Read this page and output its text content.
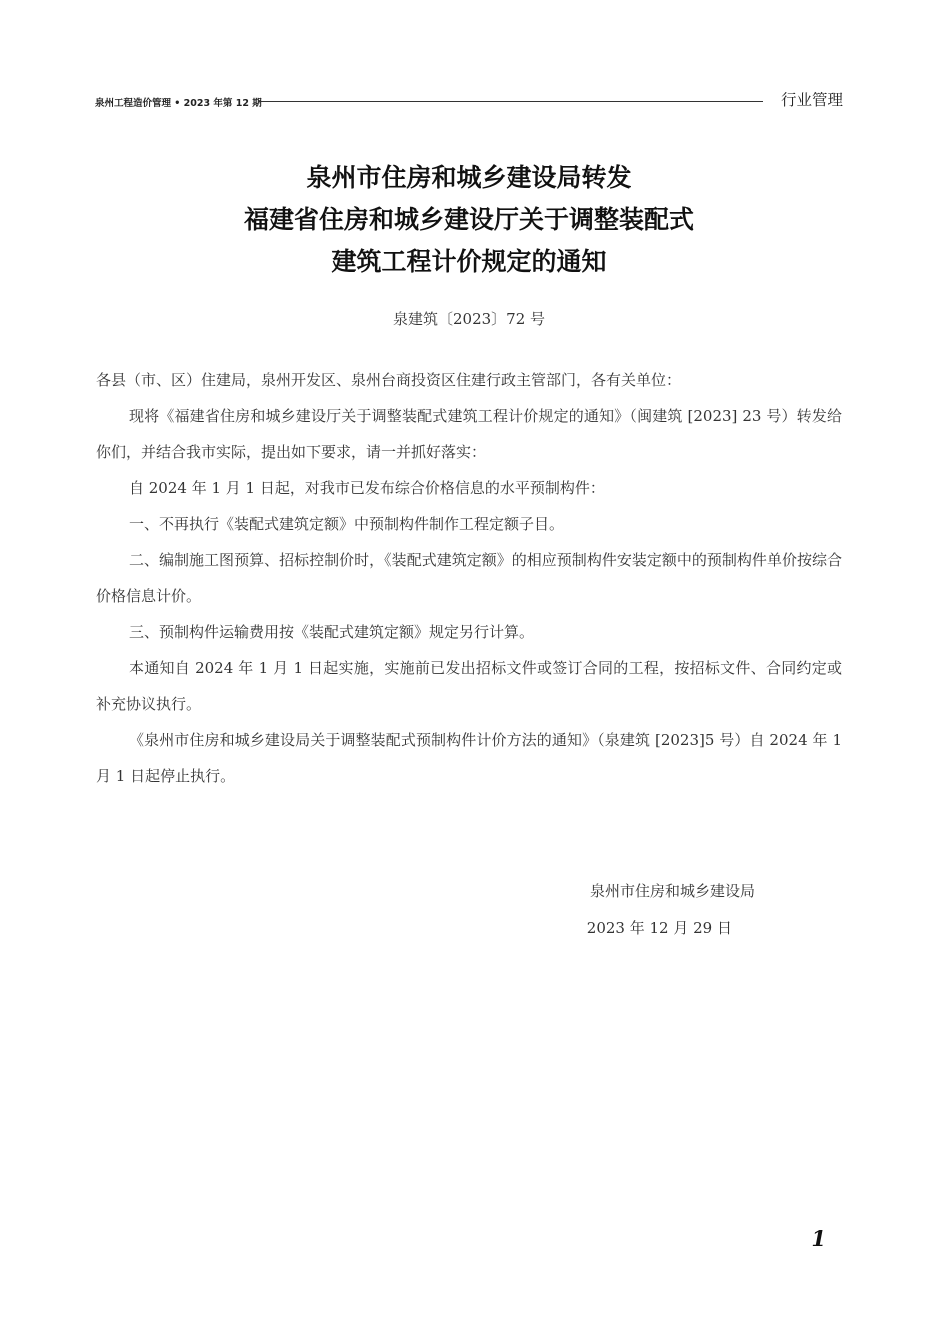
泉州工程造价管理 • 2023 年第 12 期	行业管理
泉州市住房和城乡建设局转发
福建省住房和城乡建设厅关于调整装配式
建筑工程计价规定的通知
泉建筑〔2023〕72 号

各县（市、区）住建局，泉州开发区、泉州台商投资区住建行政主管部门，各有关单位：

现将《福建省住房和城乡建设厅关于调整装配式建筑工程计价规定的通知》（闽建筑 [2023] 23 号）转发给你们，并结合我市实际，提出如下要求，请一并抓好落实：

自 2024 年 1 月 1 日起，对我市已发布综合价格信息的水平预制构件：

一、不再执行《装配式建筑定额》中预制构件制作工程定额子目。

二、编制施工图预算、招标控制价时，《装配式建筑定额》的相应预制构件安装定额中的预制构件单价按综合价格信息计价。

三、预制构件运输费用按《装配式建筑定额》规定另行计算。

本通知自 2024 年 1 月 1 日起实施，实施前已发出招标文件或签订合同的工程，按招标文件、合同约定或补充协议执行。

《泉州市住房和城乡建设局关于调整装配式预制构件计价方法的通知》（泉建筑 [2023]5 号）自 2024 年 1 月 1 日起停止执行。

泉州市住房和城乡建设局
2023 年 12 月 29 日
1
